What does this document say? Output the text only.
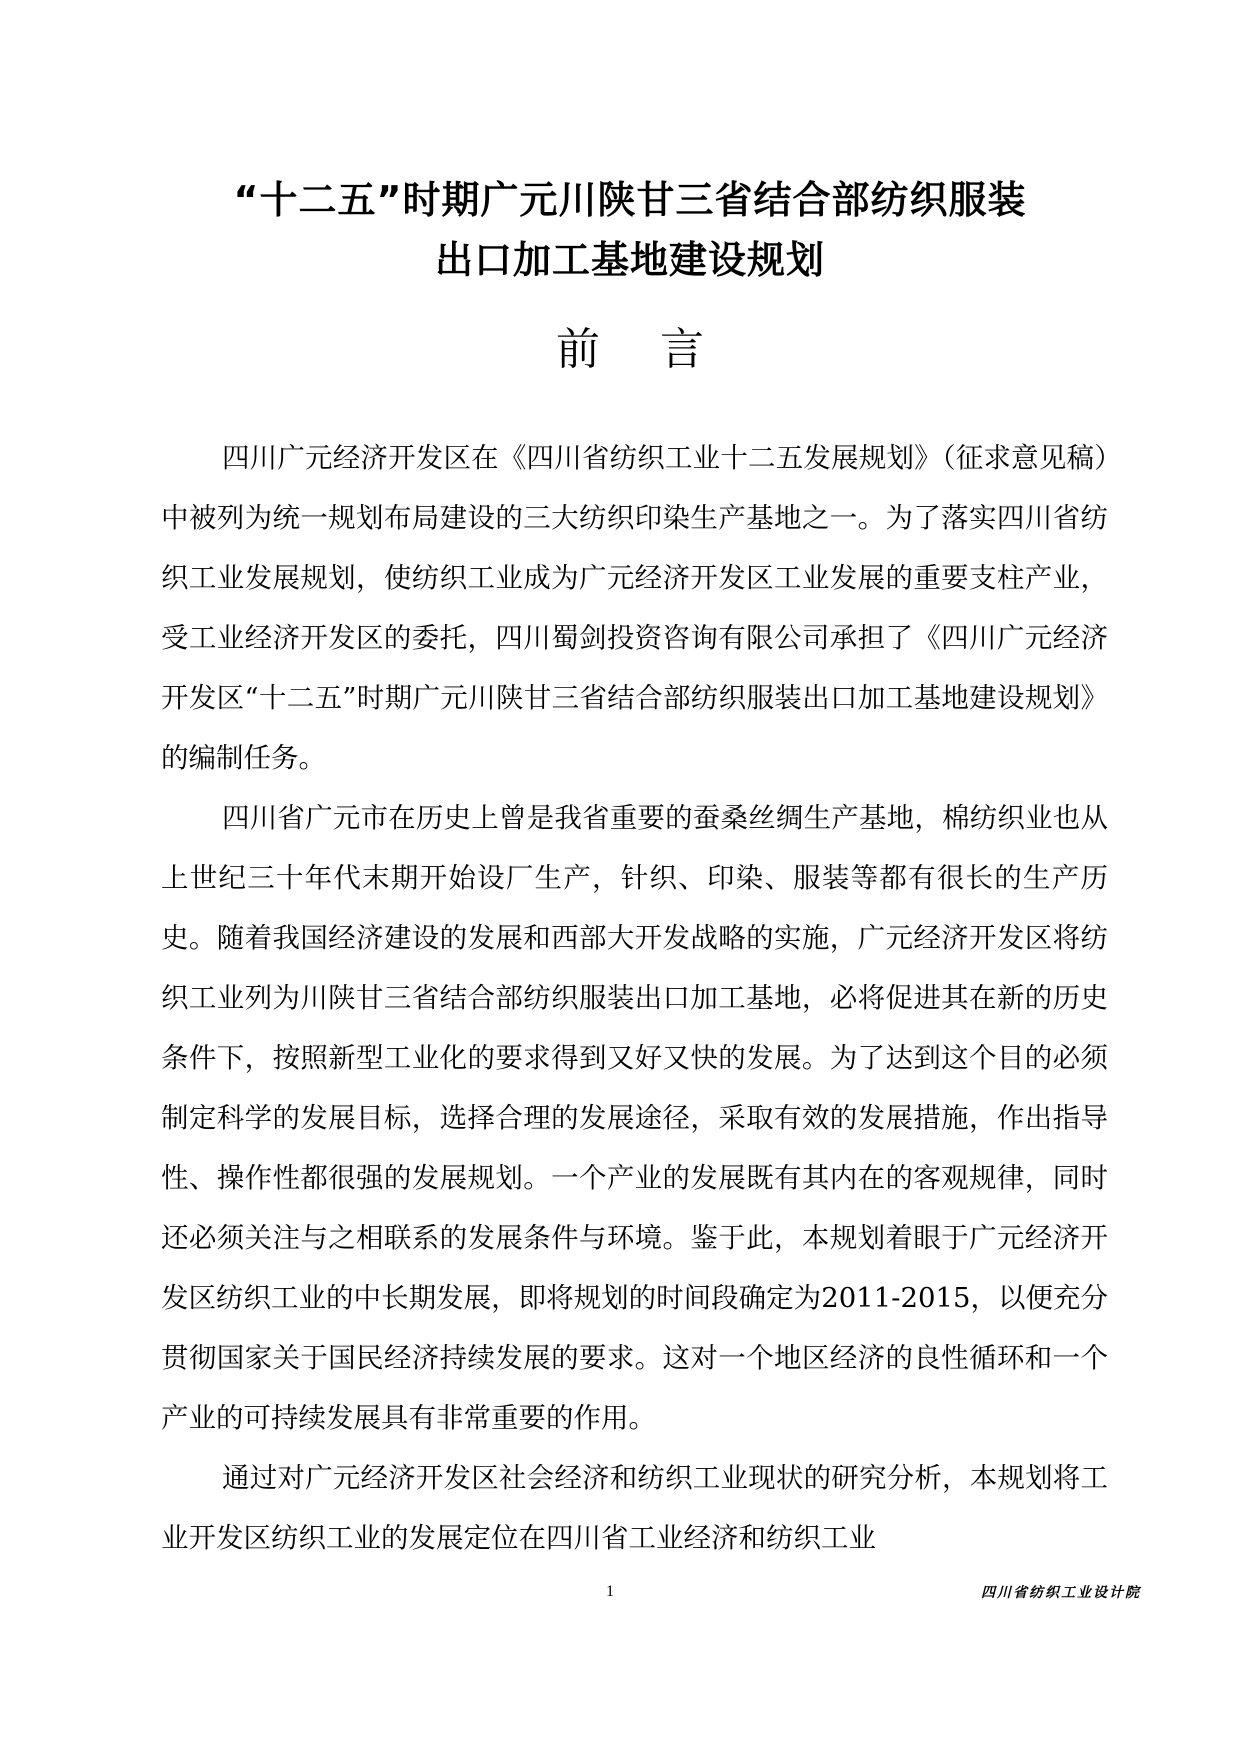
“十二五”时期广元川陕甘三省结合部纺织服装
出口加工基地建设规划
前言

四川广元经济开发区在《四川省纺织工业十二五发展规划》（征求意见稿）中被列为统一规划布局建设的三大纺织印染生产基地之一。为了落实四川省纺织工业发展规划，使纺织工业成为广元经济开发区工业发展的重要支柱产业，受工业经济开发区的委托，四川蜀剑投资咨询有限公司承担了《四川广元经济开发区“十二五”时期广元川陕甘三省结合部纺织服装出口加工基地建设规划》的编制任务。

四川省广元市在历史上曾是我省重要的蚕桑丝绸生产基地，棉纺织业也从上世纪三十年代末期开始设厂生产，针织、印染、服装等都有很长的生产历史。随着我国经济建设的发展和西部大开发战略的实施，广元经济开发区将纺织工业列为川陕甘三省结合部纺织服装出口加工基地，必将促进其在新的历史条件下，按照新型工业化的要求得到又好又快的发展。为了达到这个目的必须制定科学的发展目标，选择合理的发展途径，采取有效的发展措施，作出指导性、操作性都很强的发展规划。一个产业的发展既有其内在的客观规律，同时还必须关注与之相联系的发展条件与环境。鉴于此，本规划着眼于广元经济开发区纺织工业的中长期发展，即将规划的时间段确定为2011-2015，以便充分贯彻国家关于国民经济持续发展的要求。这对一个地区经济的良性循环和一个产业的可持续发展具有非常重要的作用。

通过对广元经济开发区社会经济和纺织工业现状的研究分析，本规划将工业开发区纺织工业的发展定位在四川省工业经济和纺织工业

1	四川省纺织工业设计院
